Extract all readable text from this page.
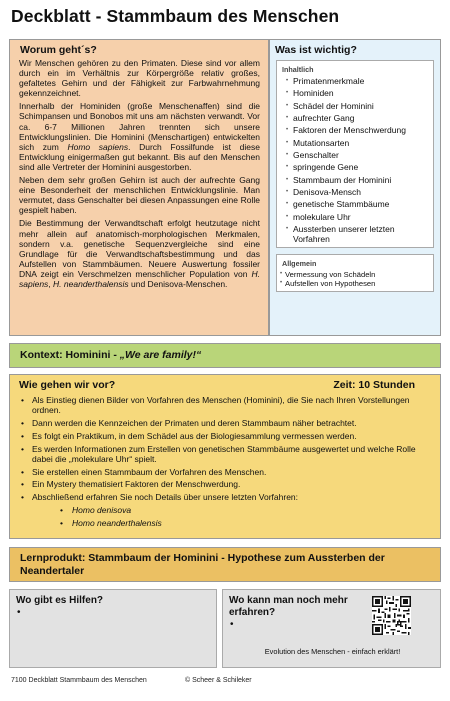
Deckblatt - Stammbaum des Menschen
Worum geht´s?

Wir Menschen gehören zu den Primaten. Diese sind vor allem durch ein im Verhältnis zur Körpergröße relativ großes, gefaltetes Gehirn und der Fähigkeit zur Farbwahrnehmung gekennzeichnet.

Innerhalb der Hominiden (große Menschenaffen) sind die Schimpansen und Bonobos mit uns am nächsten verwandt. Vor ca. 6-7 Millionen Jahren trennten sich unsere Entwicklungslinien. Die Hominini (Menschartigen) entwickelten sich zum Homo sapiens. Durch Fossilfunde ist diese Entwicklung einigermaßen gut bekannt. Bis auf den Menschen sind alle Vertreter der Hominini ausgestorben.

Neben dem sehr großen Gehirn ist auch der aufrechte Gang eine Besonderheit der menschlichen Entwicklungslinie. Man vermutet, dass Genschalter bei diesen Anpassungen eine Rolle gespielt haben.

Die Bestimmung der Verwandtschaft erfolgt heutzutage nicht mehr allein auf anatomisch-morphologischen Merkmalen, sondern v.a. genetische Sequenzvergleiche sind eine Grundlage für die Verwandtschaftsbestimmung und das Aufstellen von Stammbäumen. Neuere Auswertung fossiler DNA zeigt ein Verschmelzen menschlicher Population von H. sapiens, H. neanderthalensis und Denisova-Menschen.

Was ist wichtig?
Inhaltlich
• Primatenmerkmale
• Hominiden
• Schädel der Hominini
• aufrechter Gang
• Faktoren der Menschwerdung
• Mutationsarten
• Genschalter
• springende Gene
• Stammbaum der Hominini
• Denisova-Mensch
• genetische Stammbäume
• molekulare Uhr
• Aussterben unserer letzten Vorfahren
Allgemein
• Vermessung von Schädeln
• Aufstellen von Hypothesen
Kontext: Hominini - „We are family!“
Wie gehen wir vor?	Zeit: 10 Stunden
• Als Einstieg dienen Bilder von Vorfahren des Menschen (Hominini), die Sie nach Ihren Vorstellungen ordnen.
• Dann werden die Kennzeichen der Primaten und deren Stammbaum näher betrachtet.
• Es folgt ein Praktikum, in dem Schädel aus der Biologiesammlung vermessen werden.
• Es werden Informationen zum Erstellen von genetischen Stammbäume ausgewertet und welche Rolle dabei die „molekulare Uhr“ spielt.
• Sie erstellen einen Stammbaum der Vorfahren des Menschen.
• Ein Mystery thematisiert Faktoren der Menschwerdung.
• Abschließend erfahren Sie noch Details über unsere letzten Vorfahren:
• Homo denisova
• Homo neanderthalensis
Lernprodukt: Stammbaum der Hominini - Hypothese zum Aussterben der Neandertaler
Wo gibt es Hilfen?
•
Wo kann man noch mehr erfahren?
•
Evolution des Menschen - einfach erklärt!
7100 Deckblatt Stammbaum des Menschen	© Scheer & Schileker
